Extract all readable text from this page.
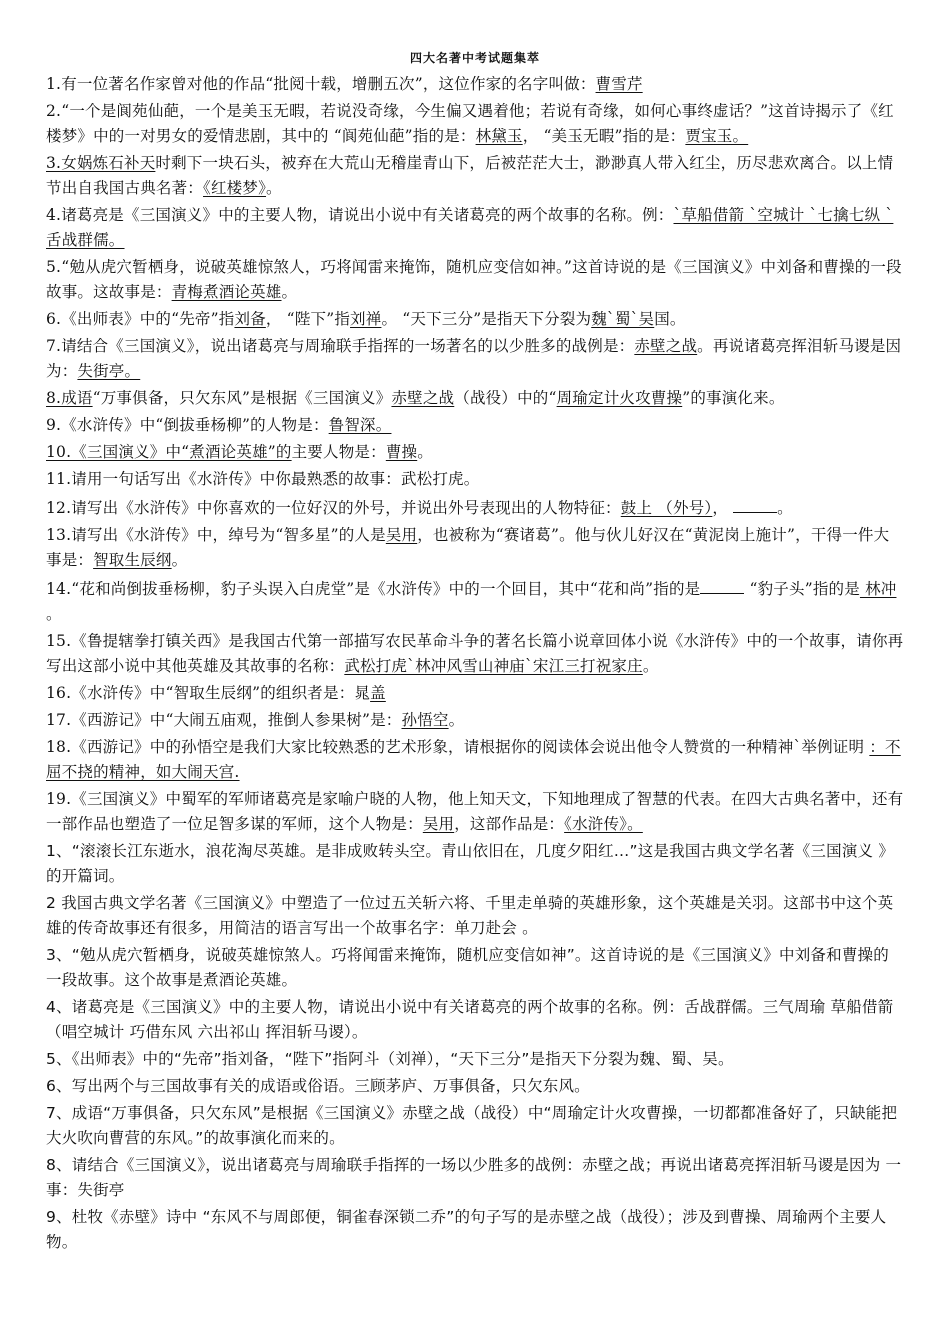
四大名著中考试题集萃
1.有一位著名作家曾对他的作品“批阅十载，增删五次”，这位作家的名字叫做：曹雪芹
2.“一个是阆苑仙葩，一个是美玉无暇，若说没奇缘，今生偏又遇着他；若说有奇缘，如何心事终虚话？”这首诗揭示了《红楼梦》中的一对男女的爱情悲剧，其中的 “阆苑仙葩”指的是：林黛玉， “美玉无暇”指的是：贾宝玉。
3.女娲炼石补天时剩下一块石头，被弃在大荒山无稽崖青山下，后被茫茫大士，渺渺真人带入红尘，历尽悲欢离合。以上情节出自我国古典名著：《红楼梦》。
4.诸葛亮是《三国演义》中的主要人物，请说出小说中有关诸葛亮的两个故事的名称。例：`草船借箭 `空城计 `七擒七纵 `舌战群儒。
5.“勉从虎穴暂栖身，说破英雄惊煞人，巧将闻雷来掩饰，随机应变信如神。”这首诗说的是《三国演义》中刘备和曹操的一段故事。这故事是：青梅煮酒论英雄。
6.《出师表》中的“先帝”指刘备， “陛下”指刘禅。 “天下三分”是指天下分裂为魏`蜀`吴国。
7.请结合《三国演义》，说出诸葛亮与周瑜联手指挥的一场著名的以少胜多的战例是：赤壁之战。再说诸葛亮挥泪斩马谡是因为：失街亭。
8.成语“万事俱备，只欠东风”是根据《三国演义》赤壁之战（战役）中的“周瑜定计火攻曹操”的事演化来。
9.《水浒传》中“倒拔垂杨柳”的人物是：鲁智深。
10.《三国演义》中“煮酒论英雄”的主要人物是：曹操。
11.请用一句话写出《水浒传》中你最熟悉的故事：武松打虎。
12.请写出《水浒传》中你喜欢的一位好汉的外号，并说出外号表现出的人物特征：鼓上 （外号），	。
13.请写出《水浒传》中，绰号为“智多星”的人是吴用，也被称为“赛诸葛”。他与伙儿好汉在“黄泥岗上施计”，干得一件大事是：智取生辰纲。
14.“花和尚倒拔垂杨柳，豹子头误入白虎堂”是《水浒传》中的一个回目，其中“花和尚”指的是	“豹子头”指的是 林冲 。
15.《鲁提辖拳打镇关西》是我国古代第一部描写农民革命斗争的著名长篇小说章回体小说《水浒传》中的一个故事，请你再写出这部小说中其他英雄及其故事的名称：武松打虎`林冲风雪山神庙`宋江三打祝家庄。
16.《水浒传》中“智取生辰纲”的组织者是：晁盖
17.《西游记》中“大闹五庙观，推倒人参果树”是：孙悟空。
18.《西游记》中的孙悟空是我们大家比较熟悉的艺术形象，请根据你的阅读体会说出他令人赞赏的一种精神`举例证明 ：不屈不挠的精神，如大闹天宫.
19.《三国演义》中蜀军的军师诸葛亮是家喻户晓的人物，他上知天文，下知地理成了智慧的代表。在四大古典名著中，还有一部作品也塑造了一位足智多谋的军师，这个人物是：吴用，这部作品是：《水浒传》。
1、“滚滚长江东逝水，浪花淘尽英雄。是非成败转头空。青山依旧在，几度夕阳红…”这是我国古典文学名著《三国演义 》的开篇词。
2 我国古典文学名著《三国演义》中塑造了一位过五关斩六将、千里走单骑的英雄形象，这个英雄是关羽。这部书中这个英雄的传奇故事还有很多，用简洁的语言写出一个故事名字：单刀赴会 。
3、“勉从虎穴暂栖身，说破英雄惊煞人。巧将闻雷来掩饰，随机应变信如神”。这首诗说的是《三国演义》中刘备和曹操的一段故事。这个故事是煮酒论英雄。
4、诸葛亮是《三国演义》中的主要人物，请说出小说中有关诸葛亮的两个故事的名称。例：舌战群儒。三气周瑜 草船借箭 （唱空城计 巧借东风 六出祁山 挥泪斩马谡）。
5、《出师表》中的“先帝”指刘备，“陛下”指阿斗（刘禅），“天下三分”是指天下分裂为魏、蜀、吴。
6、写出两个与三国故事有关的成语或俗语。三顾茅庐、万事俱备，只欠东风。
7、成语“万事俱备，只欠东风”是根据《三国演义》赤壁之战（战役）中“周瑜定计火攻曹操，一切都都准备好了，只缺能把大火吹向曹营的东风。”的故事演化而来的。
8、请结合《三国演义》，说出诸葛亮与周瑜联手指挥的一场以少胜多的战例：赤壁之战；再说出诸葛亮挥泪斩马谡是因为 一事：失街亭
9、杜牧《赤壁》诗中 “东风不与周郎便，铜雀春深锁二乔”的句子写的是赤壁之战（战役）；涉及到曹操、周瑜两个主要人物。
